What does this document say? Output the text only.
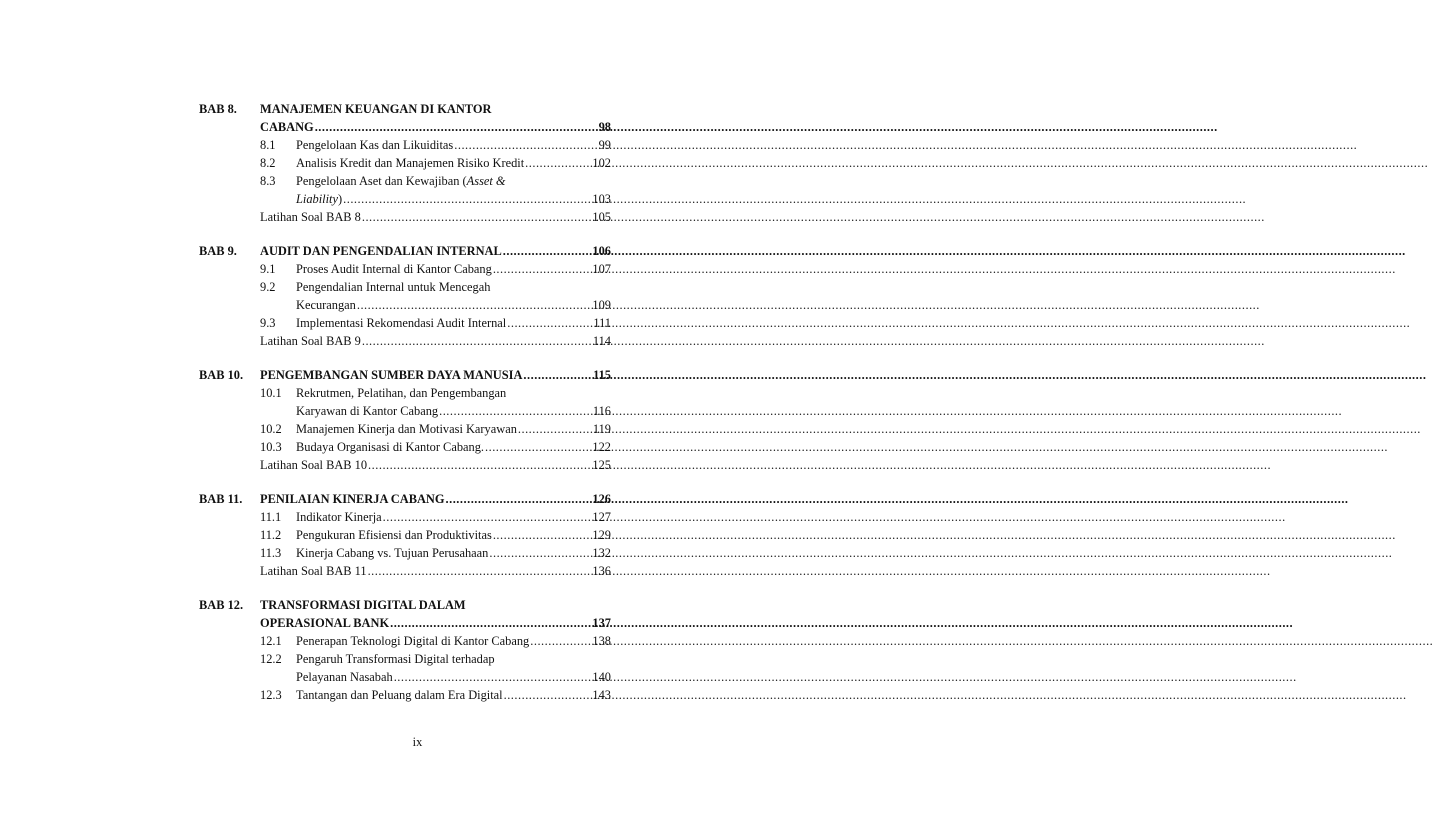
BAB 8.	MANAJEMEN KEUANGAN DI KANTOR
CABANG .....	98
8.1	Pengelolaan Kas dan Likuiditas .....	99
8.2	Analisis Kredit dan Manajemen Risiko Kredit .....	102
8.3	Pengelolaan Aset dan Kewajiban (Asset &
Liability) .....	103
Latihan Soal BAB 8 .....	105
BAB 9.	AUDIT DAN PENGENDALIAN INTERNAL .....	106
9.1	Proses Audit Internal di Kantor Cabang .....	107
9.2	Pengendalian Internal untuk Mencegah
Kecurangan .....	109
9.3	Implementasi Rekomendasi Audit Internal .....	111
Latihan Soal BAB 9 .....	114
BAB 10.	PENGEMBANGAN SUMBER DAYA MANUSIA .....	115
10.1	Rekrutmen, Pelatihan, dan Pengembangan
Karyawan di Kantor Cabang .....	116
10.2	Manajemen Kinerja dan Motivasi Karyawan .....	119
10.3	Budaya Organisasi di Kantor Cabang. .....	122
Latihan Soal BAB 10 .....	125
BAB 11.	PENILAIAN KINERJA CABANG .....	126
11.1	Indikator Kinerja .....	127
11.2	Pengukuran Efisiensi dan Produktivitas .....	129
11.3	Kinerja Cabang vs. Tujuan Perusahaan .....	132
Latihan Soal BAB 11 .....	136
BAB 12.	TRANSFORMASI DIGITAL DALAM
OPERASIONAL BANK .....	137
12.1	Penerapan Teknologi Digital di Kantor Cabang .....	138
12.2	Pengaruh Transformasi Digital terhadap
Pelayanan Nasabah .....	140
12.3	Tantangan dan Peluang dalam Era Digital .....	143
ix
